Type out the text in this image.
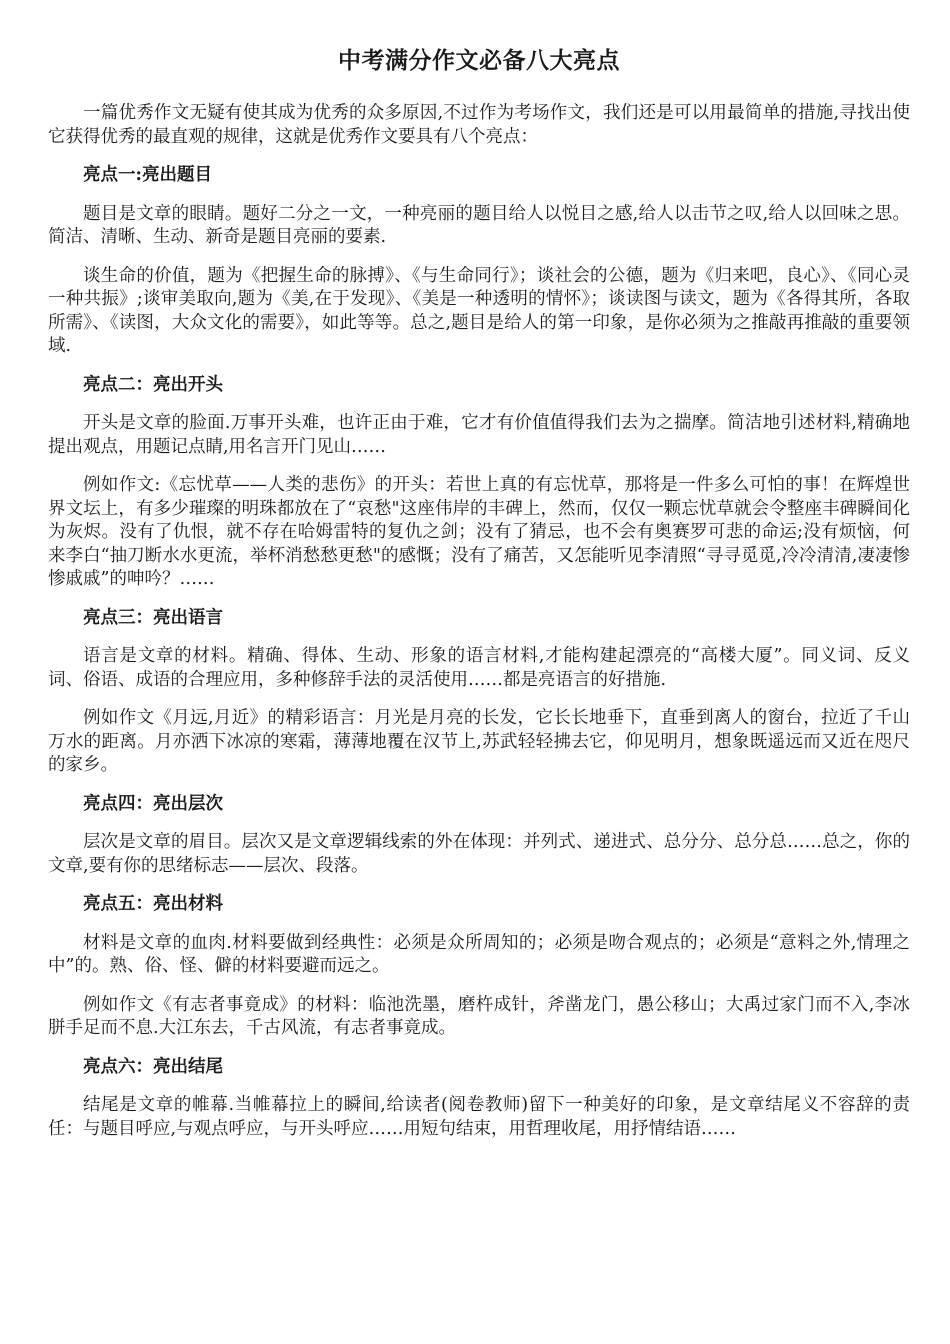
中考满分作文必备八大亮点

一篇优秀作文无疑有使其成为优秀的众多原因,不过作为考场作文，我们还是可以用最简单的措施,寻找出使它获得优秀的最直观的规律，这就是优秀作文要具有八个亮点：

亮点一:亮出题目

题目是文章的眼睛。题好二分之一文，一种亮丽的题目给人以悦目之感,给人以击节之叹,给人以回味之思。简洁、清晰、生动、新奇是题目亮丽的要素.

谈生命的价值，题为《把握生命的脉搏》、《与生命同行》；谈社会的公德，题为《归来吧，良心》、《同心灵一种共振》;谈审美取向,题为《美,在于发现》、《美是一种透明的情怀》；谈读图与读文，题为《各得其所，各取所需》、《读图，大众文化的需要》，如此等等。总之,题目是给人的第一印象，是你必须为之推敲再推敲的重要领域.

亮点二：亮出开头

开头是文章的脸面.万事开头难，也许正由于难，它才有价值值得我们去为之揣摩。简洁地引述材料,精确地提出观点，用题记点睛,用名言开门见山……

例如作文:《忘忧草——人类的悲伤》的开头：若世上真的有忘忧草，那将是一件多么可怕的事！在辉煌世界文坛上，有多少璀璨的明珠都放在了“哀愁"这座伟岸的丰碑上，然而，仅仅一颗忘忧草就会令整座丰碑瞬间化为灰烬。没有了仇恨，就不存在哈姆雷特的复仇之剑；没有了猜忌，也不会有奥赛罗可悲的命运;没有烦恼，何来李白“抽刀断水水更流，举杯消愁愁更愁"的感慨；没有了痛苦，又怎能听见李清照“寻寻觅觅,冷冷清清,凄凄惨惨戚戚”的呻吟？……

亮点三：亮出语言

语言是文章的材料。精确、得体、生动、形象的语言材料,才能构建起漂亮的“高楼大厦”。同义词、反义词、俗语、成语的合理应用，多种修辞手法的灵活使用……都是亮语言的好措施.

例如作文《月远,月近》的精彩语言：月光是月亮的长发，它长长地垂下，直垂到离人的窗台，拉近了千山万水的距离。月亦洒下冰凉的寒霜，薄薄地覆在汉节上,苏武轻轻拂去它，仰见明月，想象既遥远而又近在咫尺的家乡。

亮点四：亮出层次

层次是文章的眉目。层次又是文章逻辑线索的外在体现：并列式、递进式、总分分、总分总……总之，你的文章,要有你的思绪标志——层次、段落。

亮点五：亮出材料

材料是文章的血肉.材料要做到经典性：必须是众所周知的；必须是吻合观点的；必须是“意料之外,情理之中”的。熟、俗、怪、僻的材料要避而远之。

例如作文《有志者事竟成》的材料：临池洗墨，磨杵成针，斧凿龙门，愚公移山；大禹过家门而不入,李冰胼手足而不息.大江东去，千古风流，有志者事竟成。

亮点六：亮出结尾

结尾是文章的帷幕.当帷幕拉上的瞬间,给读者(阅卷教师)留下一种美好的印象，是文章结尾义不容辞的责任：与题目呼应,与观点呼应，与开头呼应……用短句结束，用哲理收尾，用抒情结语……
